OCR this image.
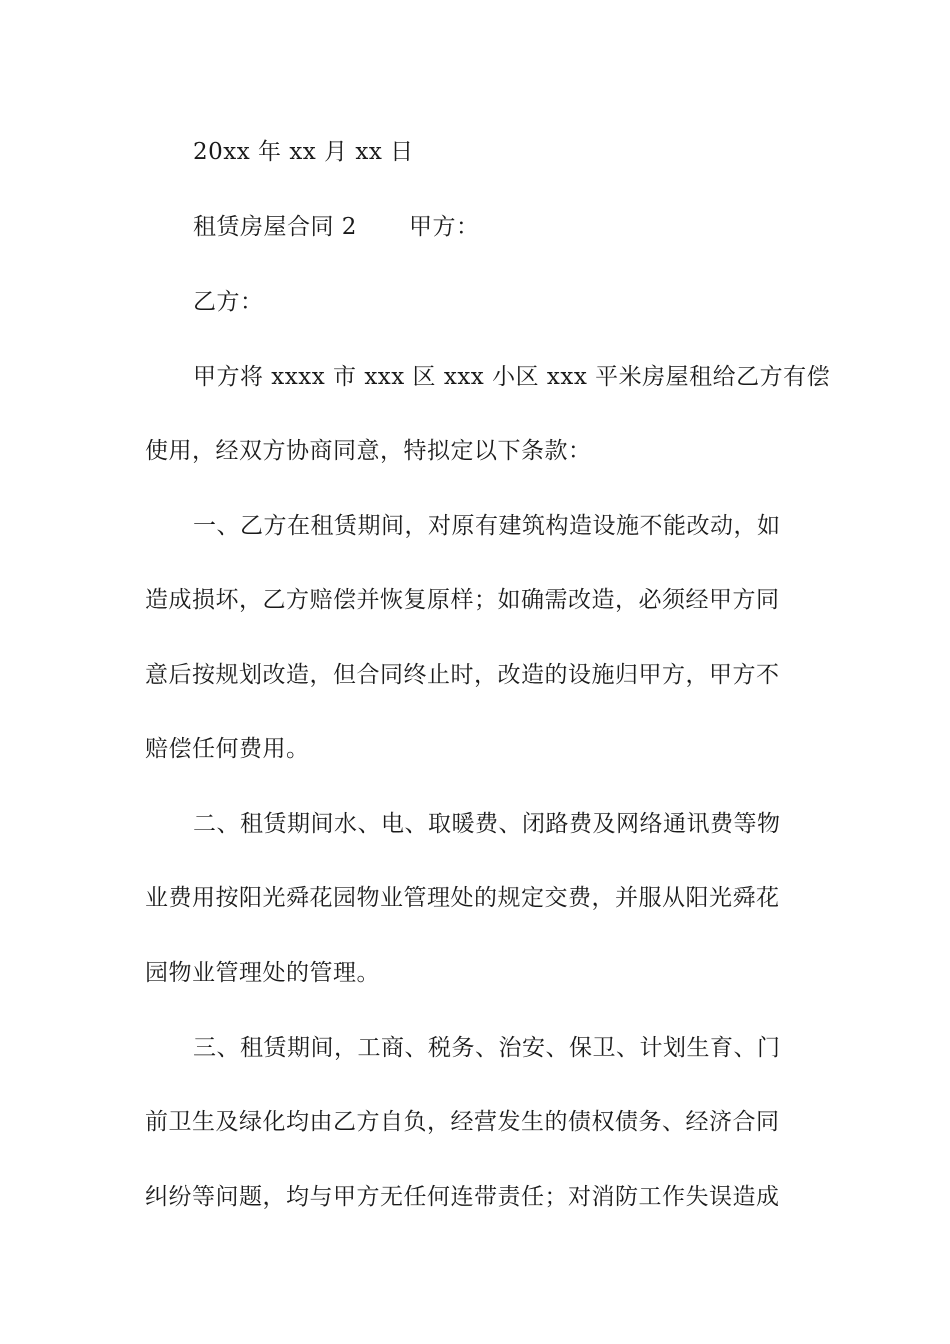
20xx 年 xx 月 xx 日
租赁房屋合同 2 甲方：
乙方：
甲方将 xxxx 市 xxx 区 xxx 小区 xxx 平米房屋租给乙方有偿
使用，经双方协商同意，特拟定以下条款：
一、乙方在租赁期间，对原有建筑构造设施不能改动，如
造成损坏，乙方赔偿并恢复原样；如确需改造，必须经甲方同
意后按规划改造，但合同终止时，改造的设施归甲方，甲方不
赔偿任何费用。
二、租赁期间水、电、取暖费、闭路费及网络通讯费等物
业费用按阳光舜花园物业管理处的规定交费，并服从阳光舜花
园物业管理处的管理。
三、租赁期间，工商、税务、治安、保卫、计划生育、门
前卫生及绿化均由乙方自负，经营发生的债权债务、经济合同
纠纷等问题，均与甲方无任何连带责任；对消防工作失误造成
